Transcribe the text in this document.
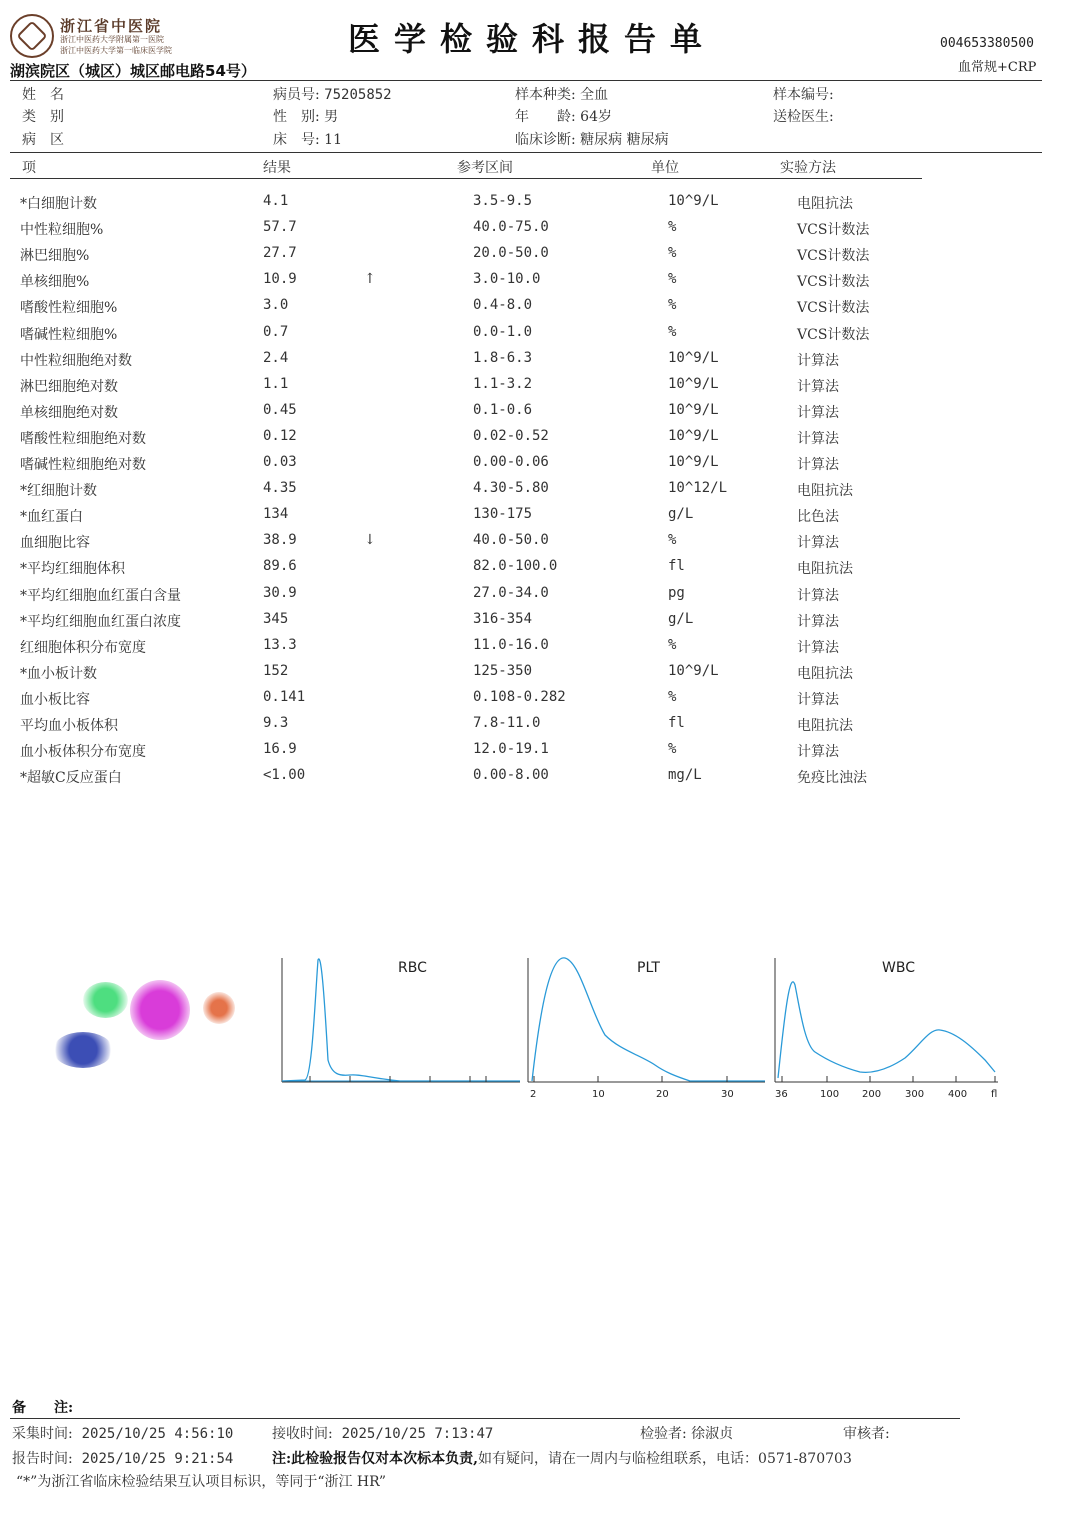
浙江省中医院
浙江中医药大学附属第一医院
浙江中医药大学第一临床医学院	医学检验科报告单	004653380500
血常规+CRP
湖滨院区（城区）城区邮电路54号）
姓　名
类　别
病　区
病员号: 75205852
性　别: 男
床　号: 11
样本种类: 全血
年　　龄: 64岁
临床诊断: 糖尿病 糖尿病
样本编号:
送检医生:
项	结果	参考区间	单位	实验方法
*白细胞计数	4.1	3.5-9.5	10^9/L	电阻抗法
中性粒细胞%	57.7	40.0-75.0	%	VCS计数法
淋巴细胞%	27.7	20.0-50.0	%	VCS计数法
单核细胞%	10.9	↑	3.0-10.0	%	VCS计数法
嗜酸性粒细胞%	3.0	0.4-8.0	%	VCS计数法
嗜碱性粒细胞%	0.7	0.0-1.0	%	VCS计数法
中性粒细胞绝对数	2.4	1.8-6.3	10^9/L	计算法
淋巴细胞绝对数	1.1	1.1-3.2	10^9/L	计算法
单核细胞绝对数	0.45	0.1-0.6	10^9/L	计算法
嗜酸性粒细胞绝对数	0.12	0.02-0.52	10^9/L	计算法
嗜碱性粒细胞绝对数	0.03	0.00-0.06	10^9/L	计算法
*红细胞计数	4.35	4.30-5.80	10^12/L	电阻抗法
*血红蛋白	134	130-175	g/L	比色法
血细胞比容	38.9	↓	40.0-50.0	%	计算法
*平均红细胞体积	89.6	82.0-100.0	fl	电阻抗法
*平均红细胞血红蛋白含量	30.9	27.0-34.0	pg	计算法
*平均红细胞血红蛋白浓度	345	316-354	g/L	计算法
红细胞体积分布宽度	13.3	11.0-16.0	%	计算法
*血小板计数	152	125-350	10^9/L	电阻抗法
血小板比容	0.141	0.108-0.282	%	计算法
平均血小板体积	9.3	7.8-11.0	fl	电阻抗法
血小板体积分布宽度	16.9	12.0-19.1	%	计算法
*超敏C反应蛋白	<1.00	0.00-8.00	mg/L	免疫比浊法
RBC	PLT
2	10	20	30
WBC
36	100 200 300 400 fl
备　　注:
采集时间: 2025/10/25 4:56:10	接收时间: 2025/10/25 7:13:47	检验者: 徐淑贞	审核者:
报告时间: 2025/10/25 9:21:54	注:此检验报告仅对本次标本负责,如有疑问，请在一周内与临检组联系，电话：0571-870703
“*”为浙江省临床检验结果互认项目标识，等同于“浙江 HR”
